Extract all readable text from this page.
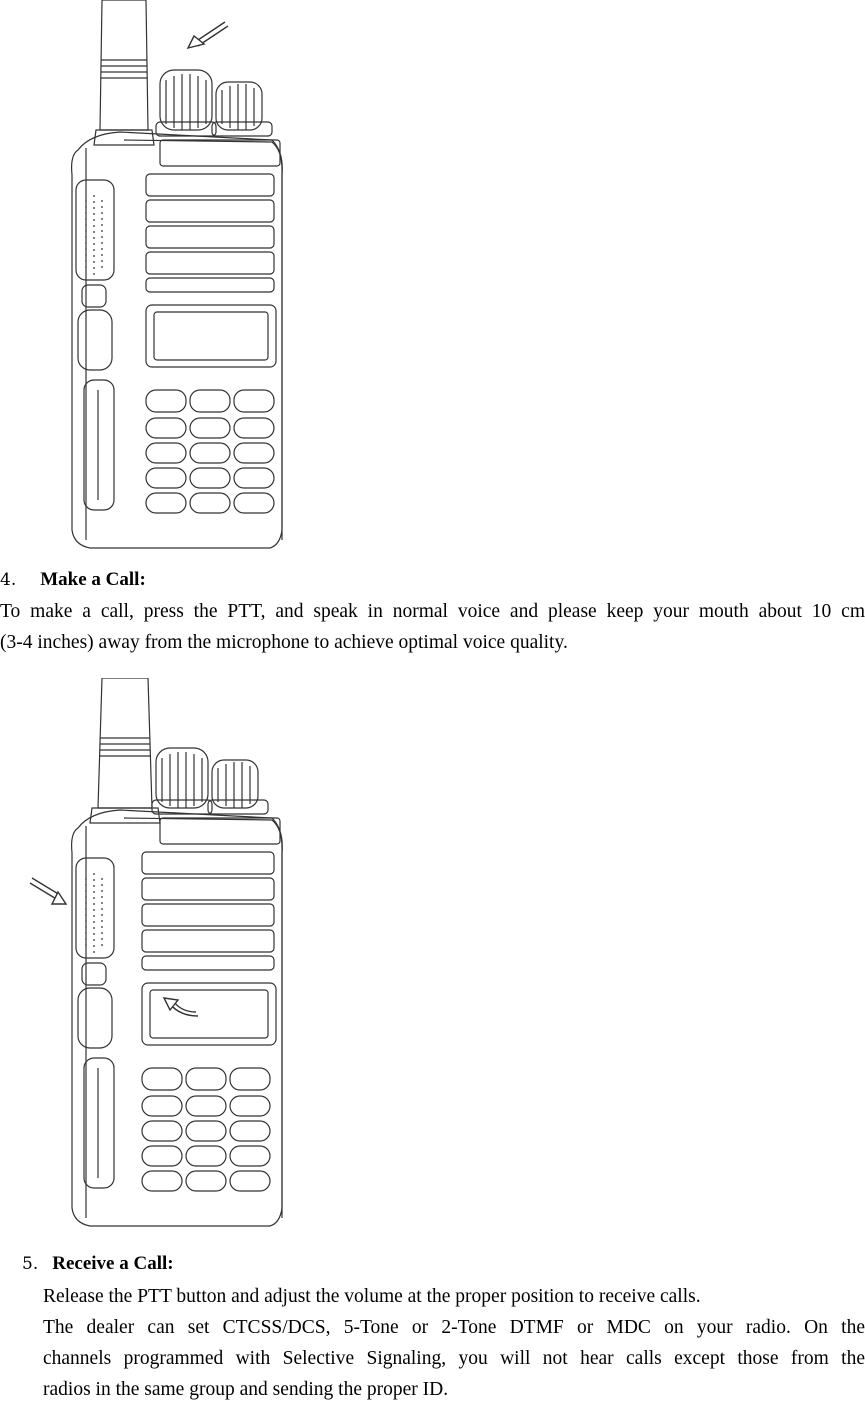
4. Make a Call:
To make a call, press the PTT, and speak in normal voice and please keep your mouth about 10 cm
(3-4 inches) away from the microphone to achieve optimal voice quality.
5. Receive a Call:
Release the PTT button and adjust the volume at the proper position to receive calls.
The dealer can set CTCSS/DCS, 5-Tone or 2-Tone DTMF or MDC on your radio. On the
channels programmed with Selective Signaling, you will not hear calls except those from the
radios in the same group and sending the proper ID.
